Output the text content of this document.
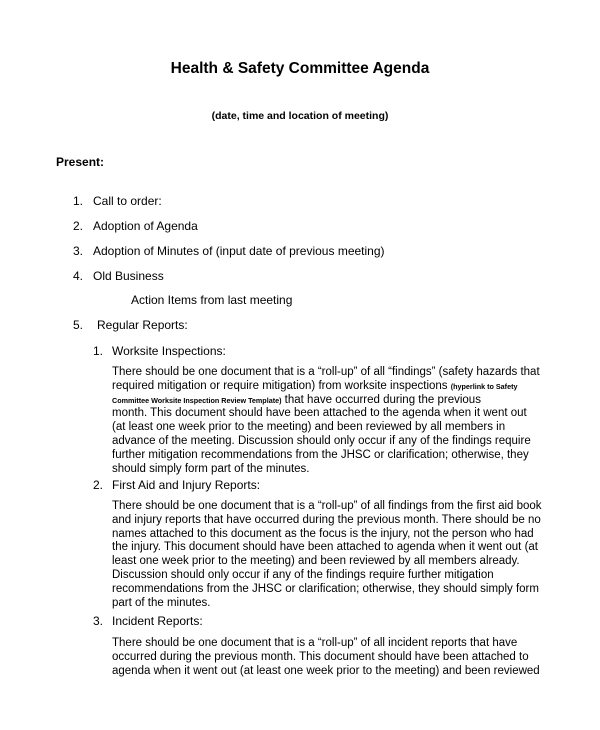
Health & Safety Committee Agenda
(date, time and location of meeting)
Present:
1. Call to order:
2. Adoption of Agenda
3. Adoption of Minutes of (input date of previous meeting)
4. Old Business
Action Items from last meeting
5. Regular Reports:
1. Worksite Inspections:
There should be one document that is a “roll-up” of all “findings” (safety hazards that
required mitigation or require mitigation) from worksite inspections (hyperlink to Safety
Committee Worksite Inspection Review Template) that have occurred during the previous
month. This document should have been attached to the agenda when it went out
(at least one week prior to the meeting) and been reviewed by all members in
advance of the meeting. Discussion should only occur if any of the findings require
further mitigation recommendations from the JHSC or clarification; otherwise, they
should simply form part of the minutes.
2. First Aid and Injury Reports:
There should be one document that is a “roll-up” of all findings from the first aid book
and injury reports that have occurred during the previous month. There should be no
names attached to this document as the focus is the injury, not the person who had
the injury. This document should have been attached to agenda when it went out (at
least one week prior to the meeting) and been reviewed by all members already.
Discussion should only occur if any of the findings require further mitigation
recommendations from the JHSC or clarification; otherwise, they should simply form
part of the minutes.
3. Incident Reports:
There should be one document that is a “roll-up” of all incident reports that have
occurred during the previous month. This document should have been attached to
agenda when it went out (at least one week prior to the meeting) and been reviewed
